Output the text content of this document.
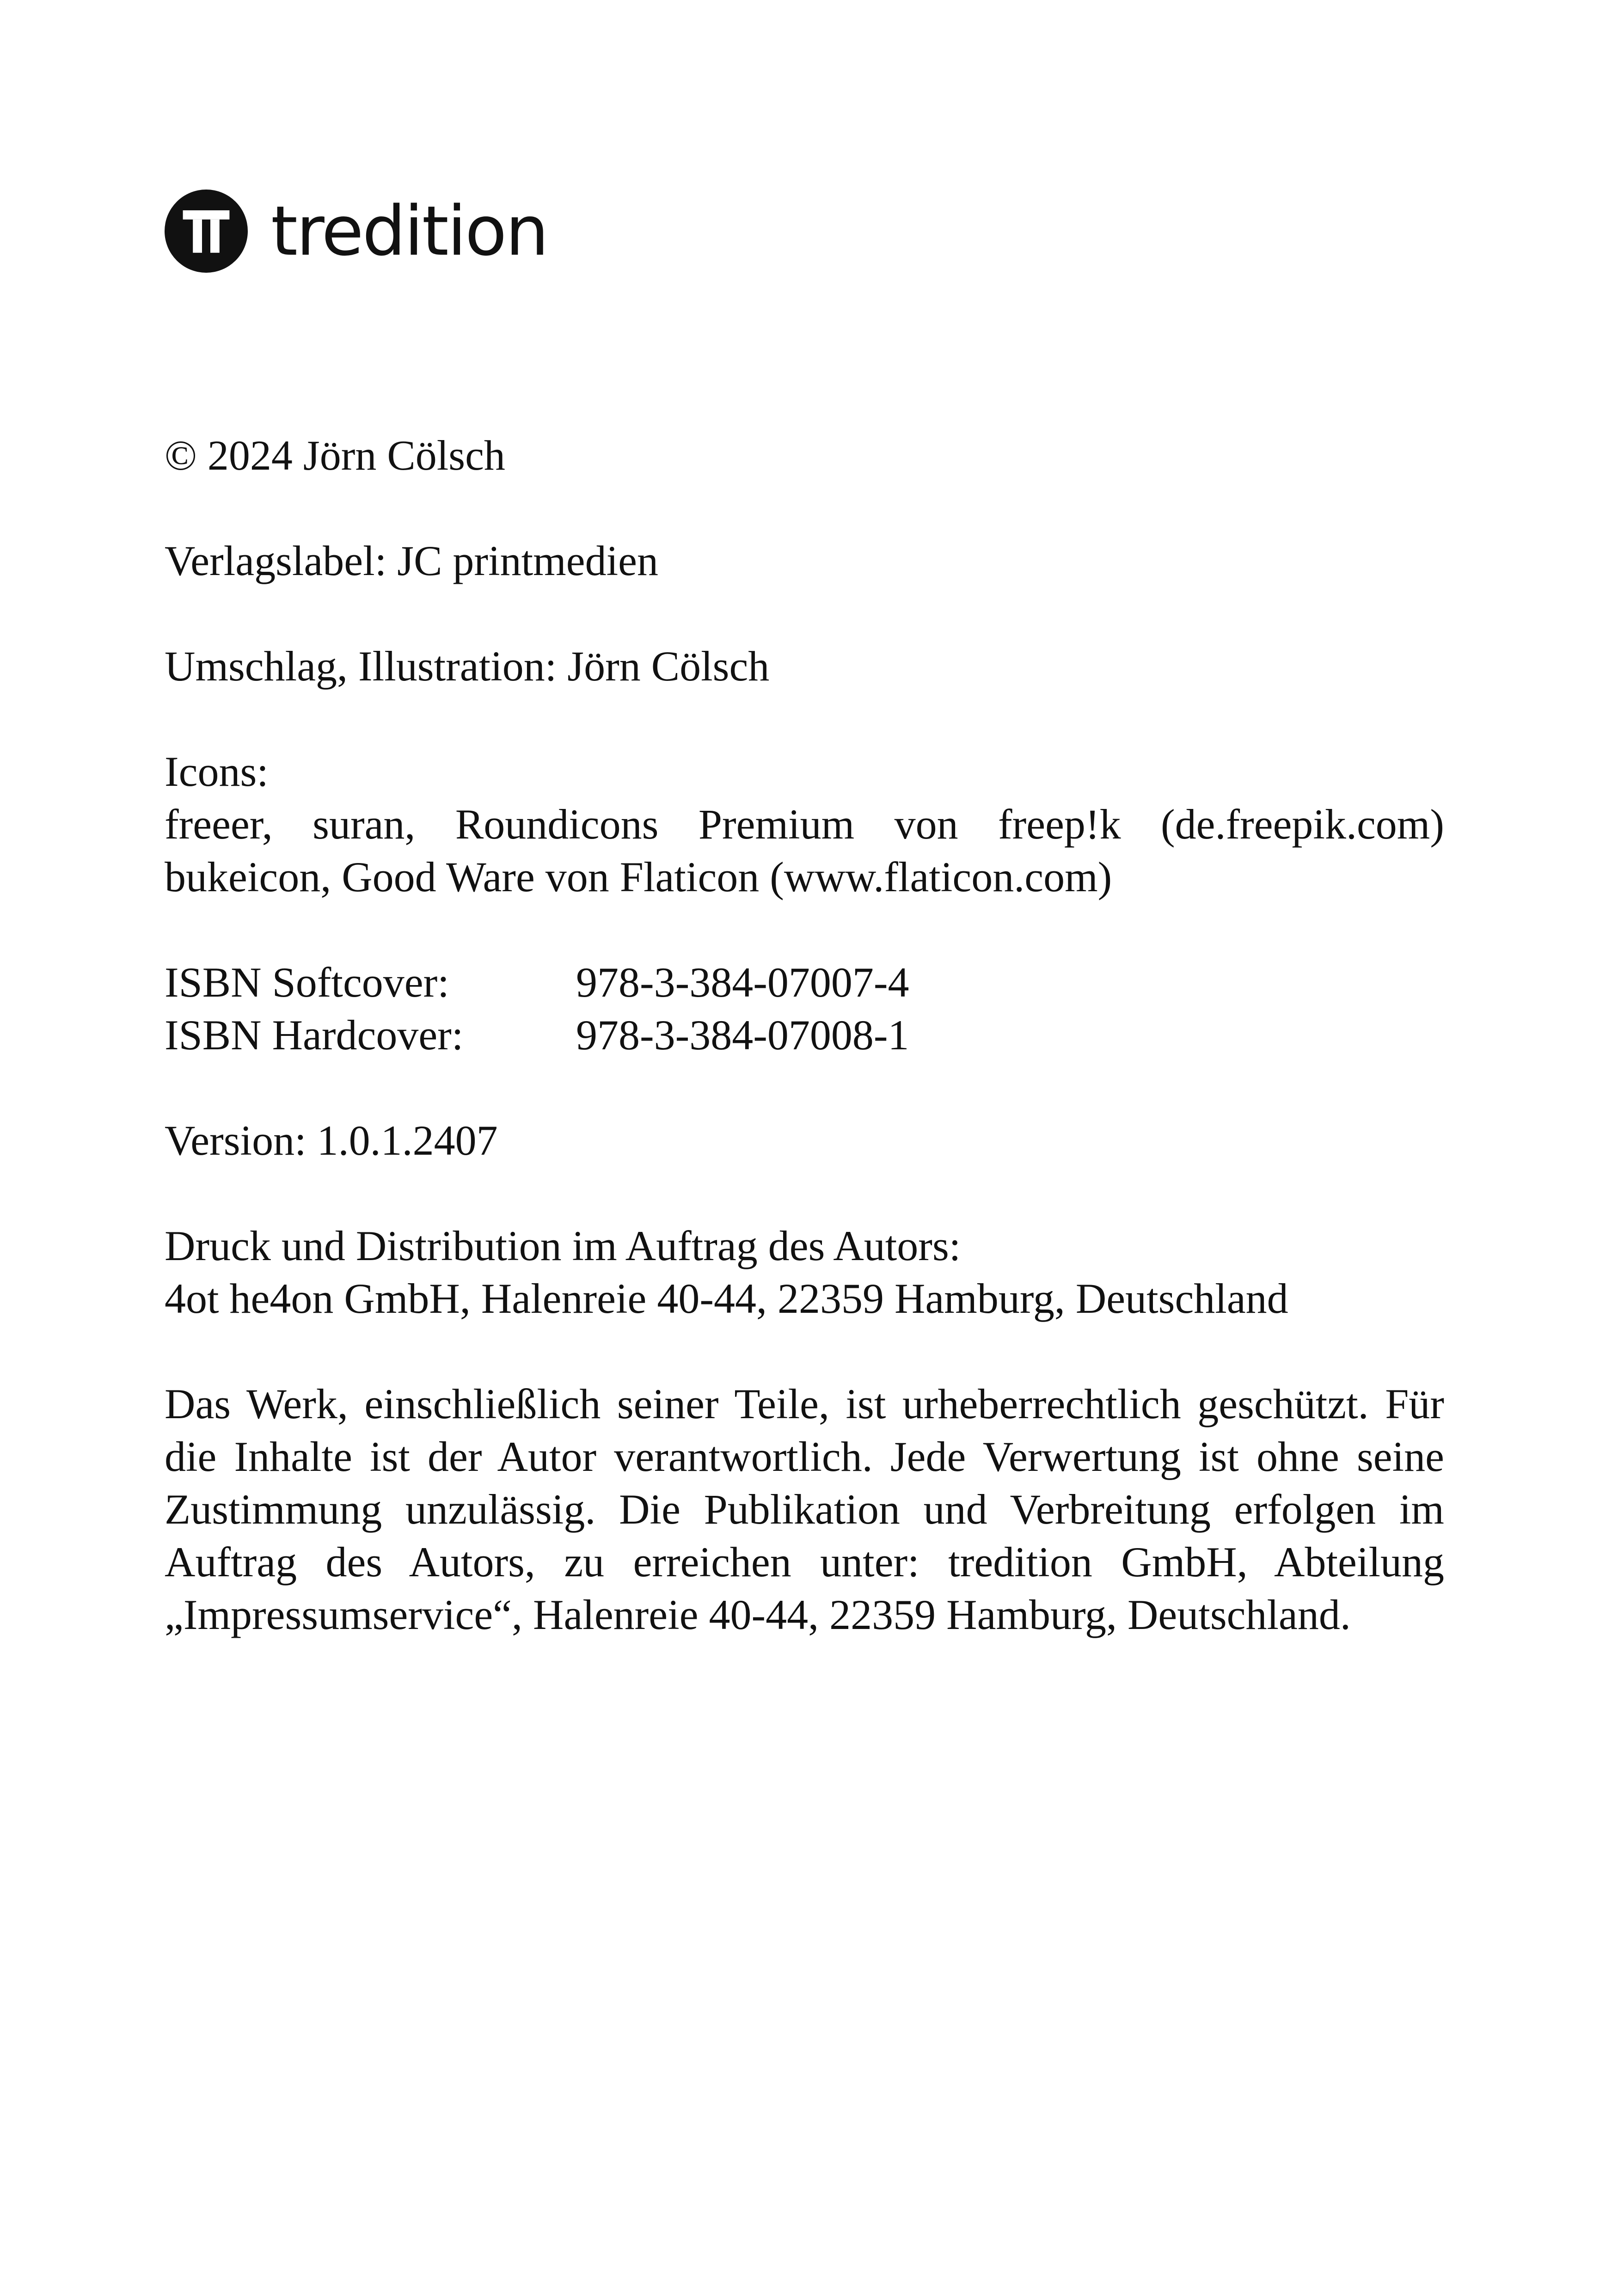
tredition

© 2024 Jörn Cölsch

Verlagslabel: JC printmedien

Umschlag, Illustration: Jörn Cölsch

Icons:

freeer, suran, Roundicons Premium von freep!k (de.freepik.com)

bukeicon, Good Ware von Flaticon (www.flaticon.com)

ISBN Softcover:	978-3-384-07007-4
ISBN Hardcover:	978-3-384-07008-1

Version: 1.0.1.2407

Druck und Distribution im Auftrag des Autors:

4ot he4on GmbH, Halenreie 40-44, 22359 Hamburg, Deutschland

Das Werk, einschließlich seiner Teile, ist urheberrechtlich geschützt. Für die Inhalte ist der Autor verantwortlich. Jede Verwertung ist ohne seine Zustimmung unzulässig. Die Publikation und Verbreitung erfolgen im Auftrag des Autors, zu erreichen unter: tredition GmbH, Abteilung „Impressumservice“, Halenreie 40-44, 22359 Hamburg, Deutschland.
